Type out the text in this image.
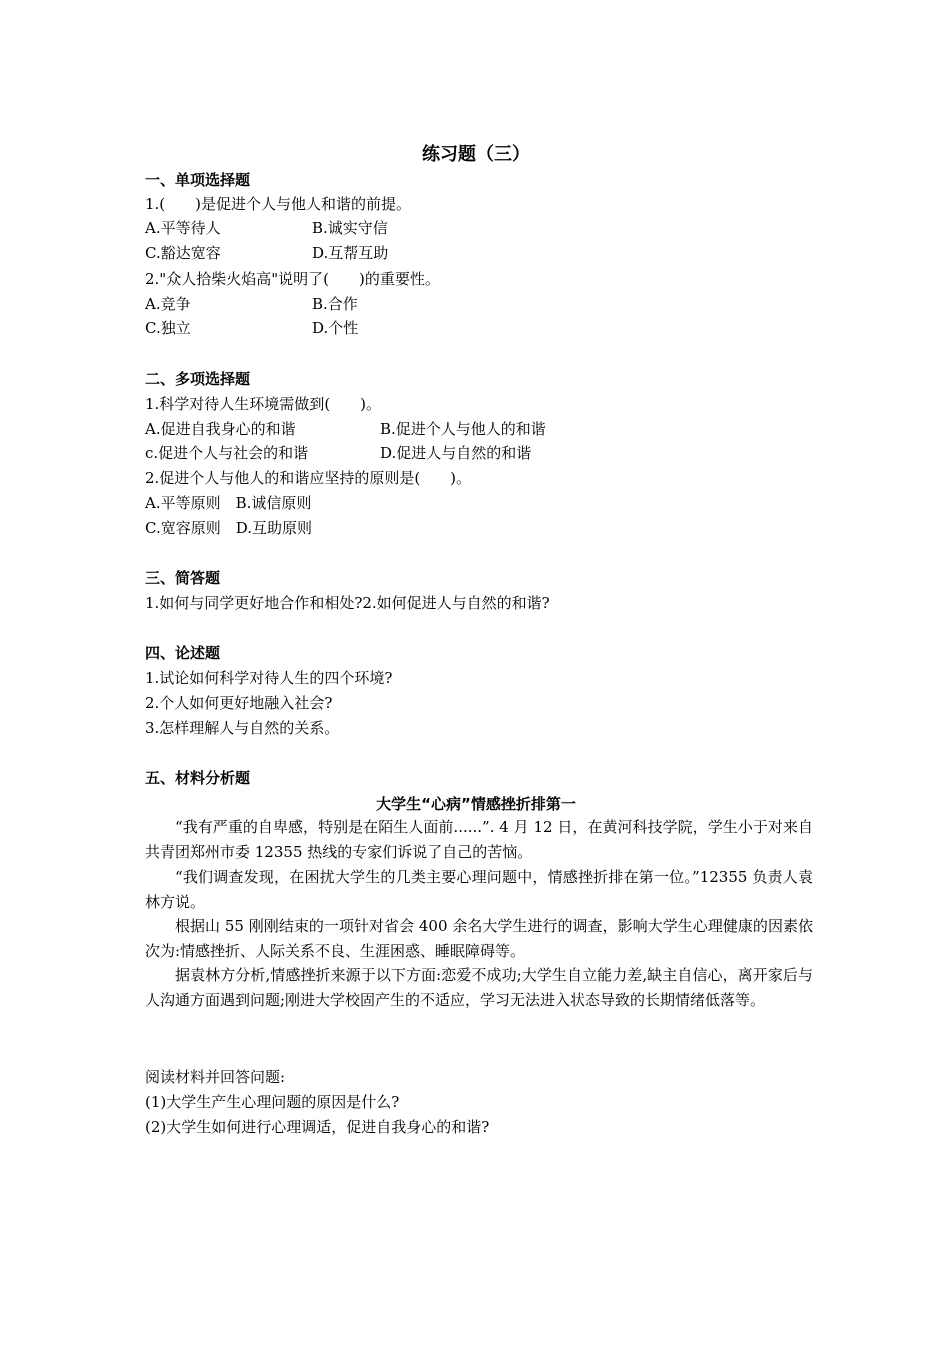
练习题（三）
一、单项选择题
1.(　　)是促进个人与他人和谐的前提。
A.平等待人	B.诚实守信
C.豁达宽容	D.互帮互助
2."众人拾柴火焰高"说明了(　　)的重要性。
A.竞争	B.合作
C.独立	D.个性
二、多项选择题
1.科学对待人生环境需做到(　　)。
A.促进自我身心的和谐	B.促进个人与他人的和谐
c.促进个人与社会的和谐	D.促进人与自然的和谐
2.促进个人与他人的和谐应坚持的原则是(　　)。
A.平等原则　B.诚信原则
C.宽容原则　D.互助原则
三、简答题
1.如何与同学更好地合作和相处?2.如何促进人与自然的和谐?
四、论述题
1.试论如何科学对待人生的四个环境?
2.个人如何更好地融入社会?
3.怎样理解人与自然的关系。
五、材料分析题
大学生“心病”情感挫折排第一
“我有严重的自卑感，特别是在陌生人面前......”. 4 月 12 日，在黄河科技学院，学生小于对来自共青团郑州市委 12355 热线的专家们诉说了自己的苦恼。
“我们调查发现，在困扰大学生的几类主要心理问题中，情感挫折排在第一位。”12355 负责人袁林方说。
根据山 55 刚刚结束的一项针对省会 400 余名大学生进行的调查，影响大学生心理健康的因素依次为:情感挫折、人际关系不良、生涯困惑、睡眠障碍等。
据袁林方分析,情感挫折来源于以下方面:恋爱不成功;大学生自立能力差,缺主自信心，离开家后与人沟通方面遇到问题;刚进大学校固产生的不适应，学习无法进入状态导致的长期情绪低落等。
阅读材料并回答问题:
(1)大学生产生心理问题的原因是什么?
(2)大学生如何进行心理调适，促进自我身心的和谐?
